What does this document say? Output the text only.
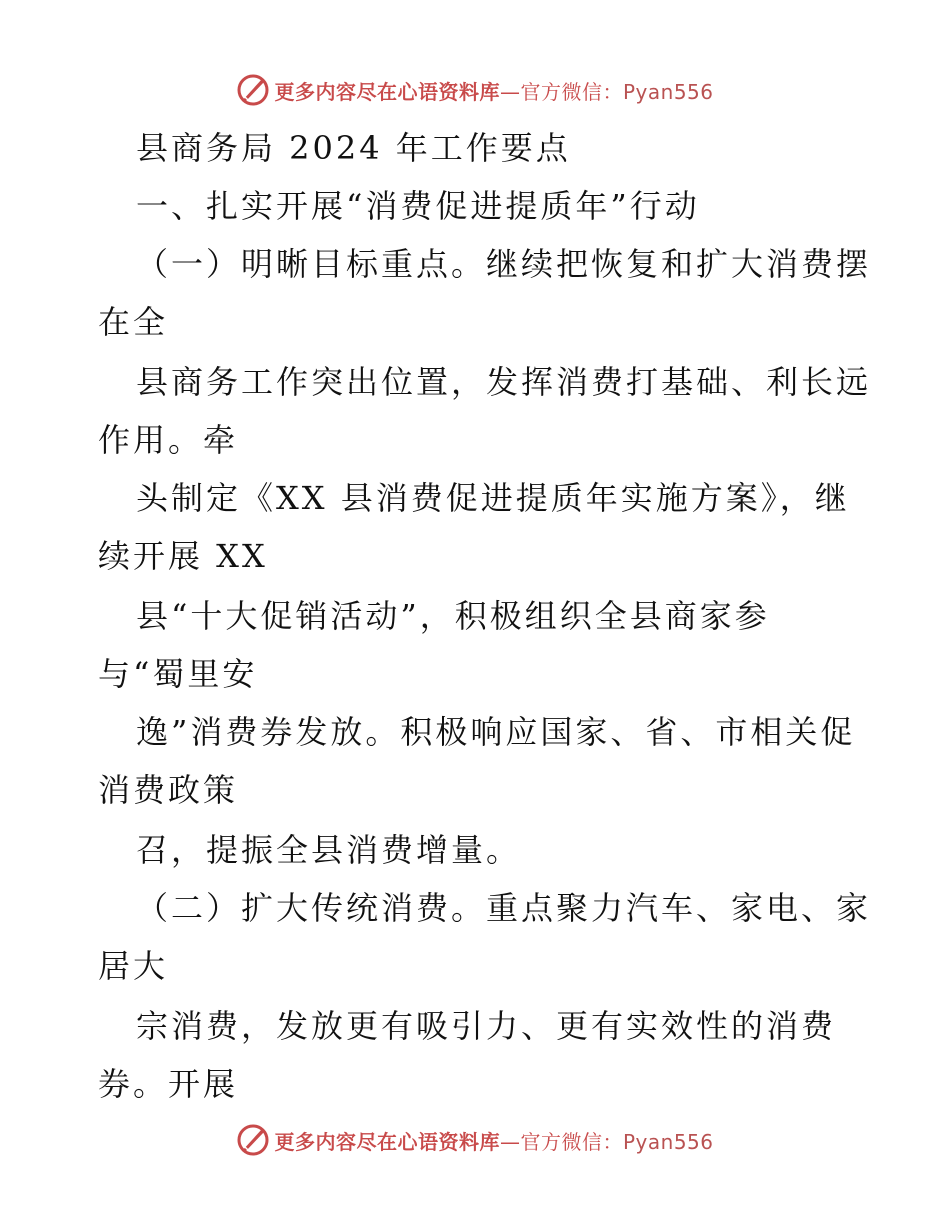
更多内容尽在心语资料库—官方微信：Pyan556
县商务局 2024 年工作要点
一、扎实开展“消费促进提质年”行动
（一）明晰目标重点。继续把恢复和扩大消费摆
在全
县商务工作突出位置，发挥消费打基础、利长远
作用。牵
头制定《XX 县消费促进提质年实施方案》，继
续开展 XX
县“十大促销活动”，积极组织全县商家参
与“蜀里安
逸”消费券发放。积极响应国家、省、市相关促
消费政策
召，提振全县消费增量。
（二）扩大传统消费。重点聚力汽车、家电、家
居大
宗消费，发放更有吸引力、更有实效性的消费
券。开展
更多内容尽在心语资料库—官方微信：Pyan556
